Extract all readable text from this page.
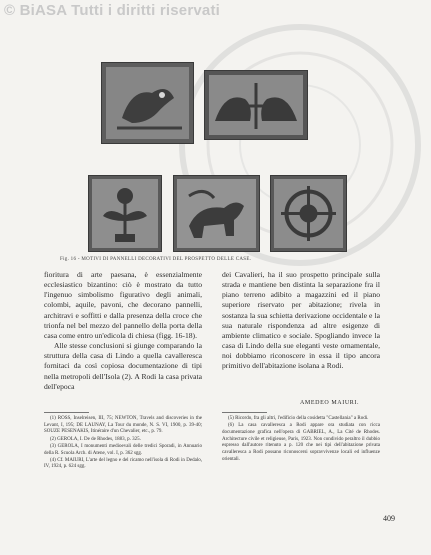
© BiASA Tutti i diritti riservati
Fig. 16 - MOTIVI DI PANNELLI DECORATIVI DEL PROSPETTO DELLE CASE.

fioritura di arte paesana, è essenzialmente ecclesiastico bizantino: ciò è mostrato da tutto l'ingenuo simbolismo figurativo degli animali, colombi, aquile, pavoni, che decorano pannelli, architravi e soffitti e dalla presenza della croce che trionfa nel bel mezzo del pannello della porta della casa come entro un'edicola di chiesa (figg. 16-18).

Alle stesse conclusioni si giunge comparando la struttura della casa di Lindo a quella cavalleresca fornitaci da così copiosa documentazione di tipi nella metropoli dell'Isola (2). A Rodi la casa privata dell'epoca

dei Cavalieri, ha il suo prospetto principale sulla strada e mantiene ben distinta la separazione fra il piano terreno adibito a magazzini ed il piano superiore riservato per abitazione; rivela in sostanza la sua schietta derivazione occidentale e la sua naturale rispondenza ad altre esigenze di ambiente climatico e sociale. Spogliando invece la casa di Lindo della sue eleganti veste ornamentale, noi dobbiamo riconoscere in essa il tipo ancora primitivo dell'abitazione isolana a Rodi.

AMEDEO MAIURI.

(1) ROSS, Inselreisen, III, 75; NEWTON, Travels and discoveries in the Levant, I, 195; DE LAUNAY, La Tour du monde, N. S. VI, 1900, p. 39-40; SOUZE PESENAKIS, Itinéraire d'un Chevalier, etc., p. 79.

(2) GEROLA, I. De de Rhodes, 1883, p. 325.

(3) GEROLA, I monumenti medioevali delle tredici Sporadi, in Annuario della R. Scuola Arch. di Atene, vol. I, p. 362 sgg.

(4) Cf. MAIURI, L'arte del legno e del ricamo nell'isola di Rodi in Dedalo, IV, 1924, p. 624 sgg.

(5) Ricordo, fra gli altri, l'edificio della cosidetta "Castellania" a Rodi.

(6) La casa cavalleresca a Rodi appare ora studiata con ricca documentazione grafica nell'opera di GABRIEL, A., La Cité de Rhodes. Architecture civile et religieuse, Paris, 1923. Non condivido peraltro il dubbio espresso dall'autore ritenuto a p. 120 che nei tipi dell'abitazione privata cavalleresca a Rodi possano riconoscersi sopravvivenze locali ed influenze orientali.

409
